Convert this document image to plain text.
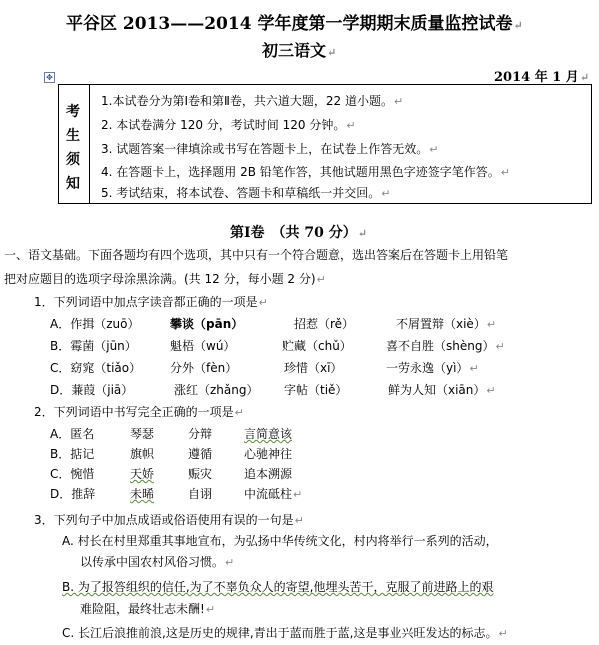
平谷区 2013——2014 学年度第一学期期末质量监控试卷↵
初三语文↵
✥	2014 年 1 月↵
考
生
须
知
1.本试卷分为第Ⅰ卷和第Ⅱ卷，共六道大题，22 道小题。↵
2. 本试卷满分 120 分，考试时间 120 分钟。↵
3. 试题答案一律填涂或书写在答题卡上，在试卷上作答无效。↵
4. 在答题卡上，选择题用 2B 铅笔作答，其他试题用黑色字迹签字笔作答。↵
5. 考试结束，将本试卷、答题卡和草稿纸一并交回。↵
第Ⅰ卷　（共 70 分）↵
一、语文基础。下面各题均有四个选项，其中只有一个符合题意，选出答案后在答题卡上用铅笔
把对应题目的选项字母涂黑涂满。(共 12 分，每小题 2 分)↵
1．下列词语中加点字读音都正确的一项是↵
A．作揖（zuō）	攀谈（pān）	招惹（rě）	不屑置辩（xiè）↵
B．霉菌（jūn）	魁梧（wú）	贮藏（chǔ）	喜不自胜（shèng）↵
C．窈窕（tiǎo） 分外（fèn）	珍惜（xī）	一劳永逸（yì）↵
D．蒹葭（jiā）	涨红（zhǎng） 字帖（tiě）	鲜为人知（xiān）↵
2．下列词语中书写完全正确的一项是↵
A．匿名	琴瑟	分辩	言简意该
B．掂记	旗帜	遵循	心驰神往
C．惋惜	天娇	赈灾	追本溯源
D．推辞	未晞	自诩	中流砥柱↵
3．下列句子中加点成语或俗语使用有误的一句是↵
A. 村长在村里郑重其事地宣布，为弘扬中华传统文化，村内将举行一系列的活动，
以传承中国农村风俗习惯。↵
B. 为了报答组织的信任,为了不辜负众人的寄望,他埋头苦干，克服了前进路上的艰
难险阻，最终壮志未酬!↵
C. 长江后浪推前浪,这是历史的规律,青出于蓝而胜于蓝,这是事业兴旺发达的标志。↵
